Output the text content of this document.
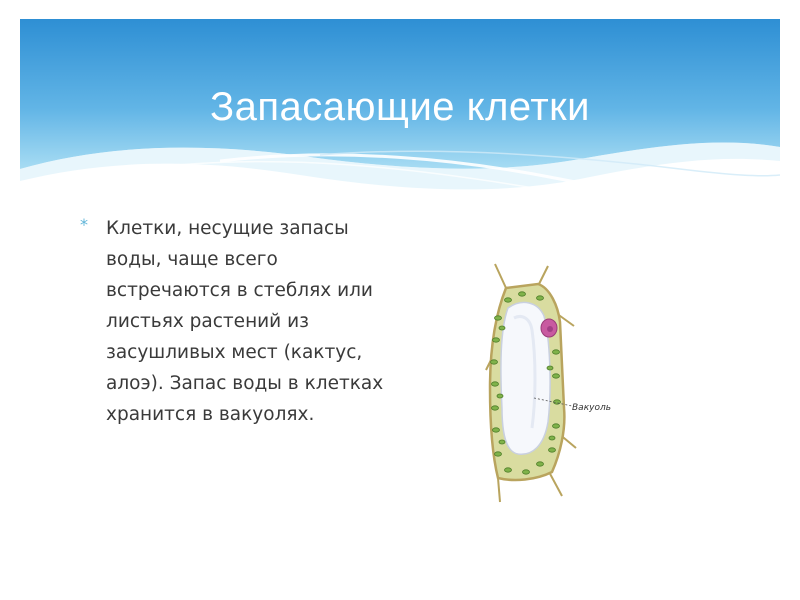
Запасающие клетки
* Клетки, несущие запасы воды, чаще всего встречаются в стеблях или листьях растений из засушливых мест (кактус, алоэ). Запас воды в клетках хранится в вакуолях.	Вакуоль
